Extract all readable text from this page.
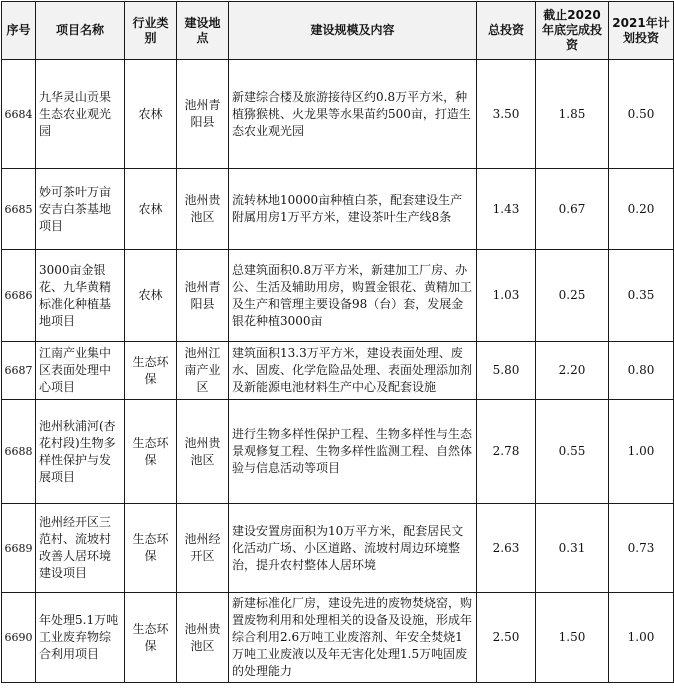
序号	项目名称	行业类别	建设地点	建设规模及内容	总投资	截止2020年底完成投资	2021年计划投资
6684	九华灵山贡果生态农业观光园	农林	池州青阳县	新建综合楼及旅游接待区约0.8万平方米，种植猕猴桃、火龙果等水果苗约500亩，打造生态农业观光园	3.50	1.85	0.50
6685	妙可茶叶万亩安吉白茶基地项目	农林	池州贵池区	流转林地10000亩种植白茶，配套建设生产附属用房1万平方米，建设茶叶生产线8条	1.43	0.67	0.20
6686	3000亩金银花、九华黄精标准化种植基地项目	农林	池州青阳县	总建筑面积0.8万平方米，新建加工厂房、办公、生活及辅助用房，购置金银花、黄精加工及生产和管理主要设备98（台）套，发展金银花种植3000亩	1.03	0.25	0.35
6687	江南产业集中区表面处理中心项目	生态环保	池州江南产业区	建筑面积13.3万平方米，建设表面处理、废水、固废、化学危险品处理、表面处理添加剂及新能源电池材料生产中心及配套设施	5.80	2.20	0.80
6688	池州秋浦河(杏花村段)生物多样性保护与发展项目	生态环保	池州贵池区	进行生物多样性保护工程、生物多样性与生态景观修复工程、生物多样性监测工程、自然体验与信息活动等项目	2.78	0.55	1.00
6689	池州经开区三范村、流坡村改善人居环境建设项目	生态环保	池州经开区	建设安置房面积为10万平方米，配套居民文化活动广场、小区道路、流坡村周边环境整治，提升农村整体人居环境	2.63	0.31	0.73
6690	年处理5.1万吨工业废弃物综合利用项目	生态环保	池州贵池区	新建标准化厂房，建设先进的废物焚烧窑，购置废物利用和处理相关的设备及设施，形成年综合利用2.6万吨工业废溶剂、年安全焚烧1万吨工业废液以及年无害化处理1.5万吨固废的处理能力	2.50	1.50	1.00
